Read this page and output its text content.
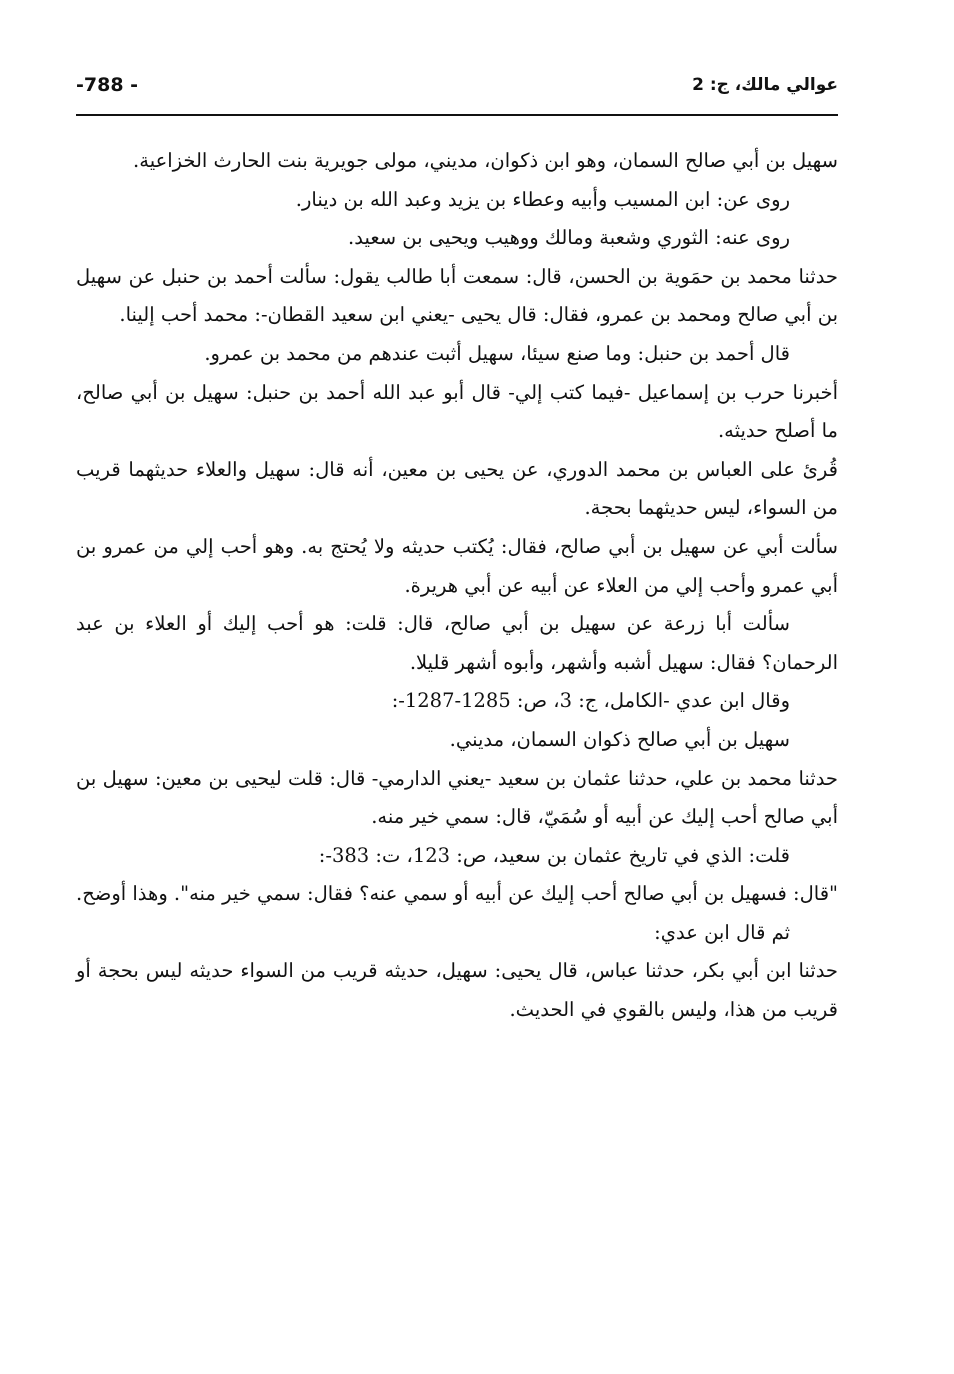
-788 -	عوالي مالك، ج: 2

سهيل بن أبي صالح السمان، وهو ابن ذكوان، مديني، مولى جويرية بنت الحارث الخزاعية.

روى عن: ابن المسيب وأبيه وعطاء بن يزيد وعبد الله بن دينار.

روى عنه: الثوري وشعبة ومالك ووهيب ويحيى بن سعيد.

حدثنا محمد بن حمَوية بن الحسن، قال: سمعت أبا طالب يقول: سألت أحمد بن حنبل عن سهيل بن أبي صالح ومحمد بن عمرو، فقال: قال يحيى -يعني ابن سعيد القطان-: محمد أحب إلينا.

قال أحمد بن حنبل: وما صنع سيئا، سهيل أثبت عندهم من محمد بن عمرو.

أخبرنا حرب بن إسماعيل -فيما كتب إلي- قال أبو عبد الله أحمد بن حنبل: سهيل بن أبي صالح، ما أصلح حديثه.

قُرئ على العباس بن محمد الدوري، عن يحيى بن معين، أنه قال: سهيل والعلاء حديثهما قريب من السواء، ليس حديثهما بحجة.

سألت أبي عن سهيل بن أبي صالح، فقال: يُكتب حديثه ولا يُحتج به. وهو أحب إلي من عمرو بن أبي عمرو وأحب إلي من العلاء عن أبيه عن أبي هريرة.

سألت أبا زرعة عن سهيل بن أبي صالح، قال: قلت: هو أحب إليك أو العلاء بن عبد الرحمان؟ فقال: سهيل أشبه وأشهر، وأبوه أشهر قليلا.

وقال ابن عدي -الكامل، ج: 3، ص: 1285-1287-:

سهيل بن أبي صالح ذكوان السمان، مديني.

حدثنا محمد بن علي، حدثنا عثمان بن سعيد -يعني الدارمي- قال: قلت ليحيى بن معين: سهيل بن أبي صالح أحب إليك عن أبيه أو سُمَيّ، قال: سمي خير منه.

قلت: الذي في تاريخ عثمان بن سعيد، ص: 123، ت: 383-:

"قال: فسهيل بن أبي صالح أحب إليك عن أبيه أو سمي عنه؟ فقال: سمي خير منه". وهذا أوضح.

ثم قال ابن عدي:

حدثنا ابن أبي بكر، حدثنا عباس، قال يحيى: سهيل، حديثه قريب من السواء حديثه ليس بحجة أو قريب من هذا، وليس بالقوي في الحديث.
